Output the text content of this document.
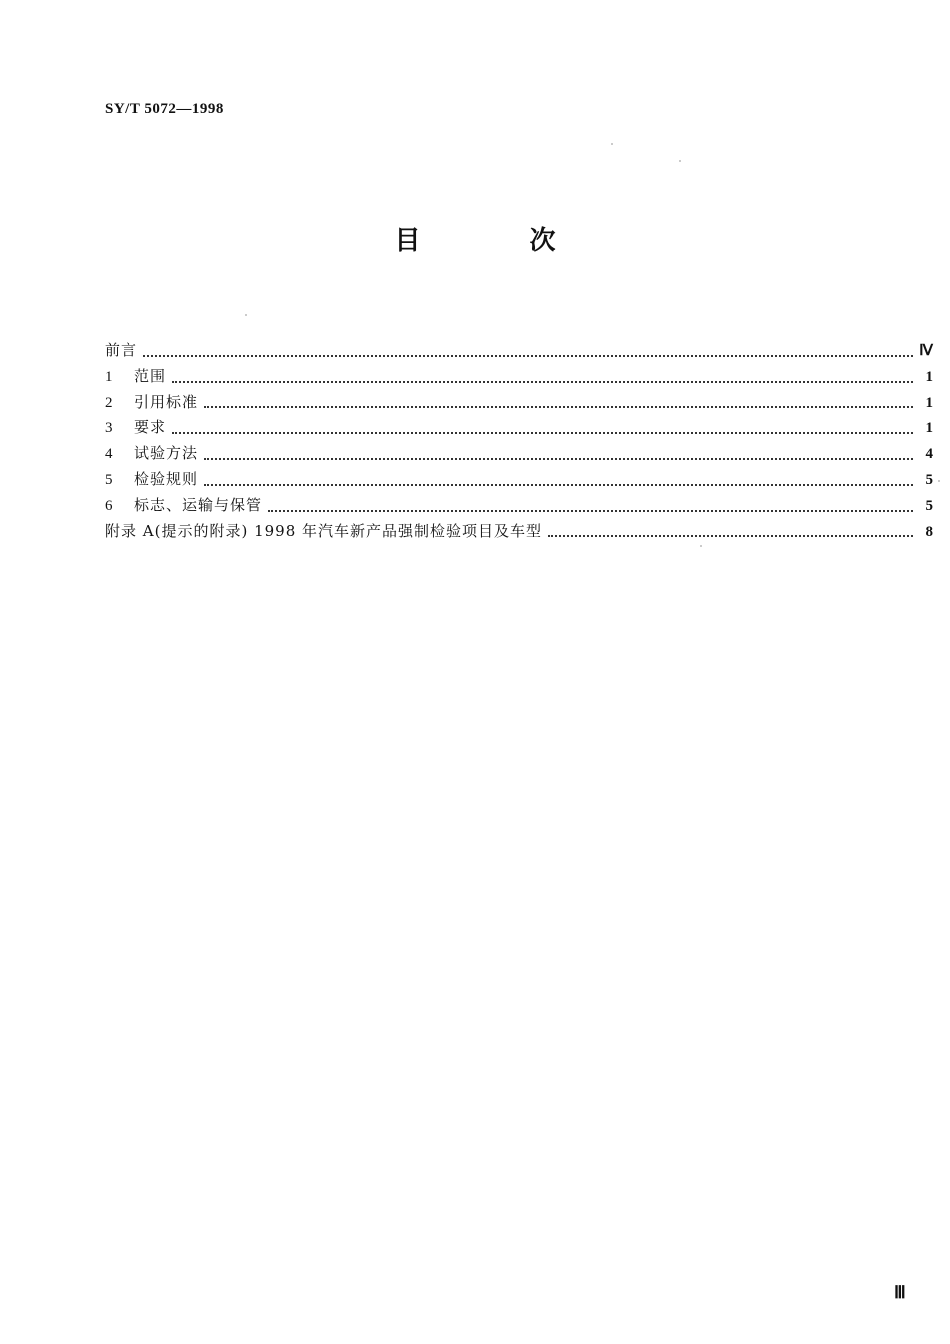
SY/T 5072—1998
目 次
前言	Ⅳ
1	范围	1
2	引用标准	1
3	要求	1
4	试验方法	4
5	检验规则	5
6	标志、运输与保管	5
附录 A(提示的附录) 1998 年汽车新产品强制检验项目及车型	8
Ⅲ
